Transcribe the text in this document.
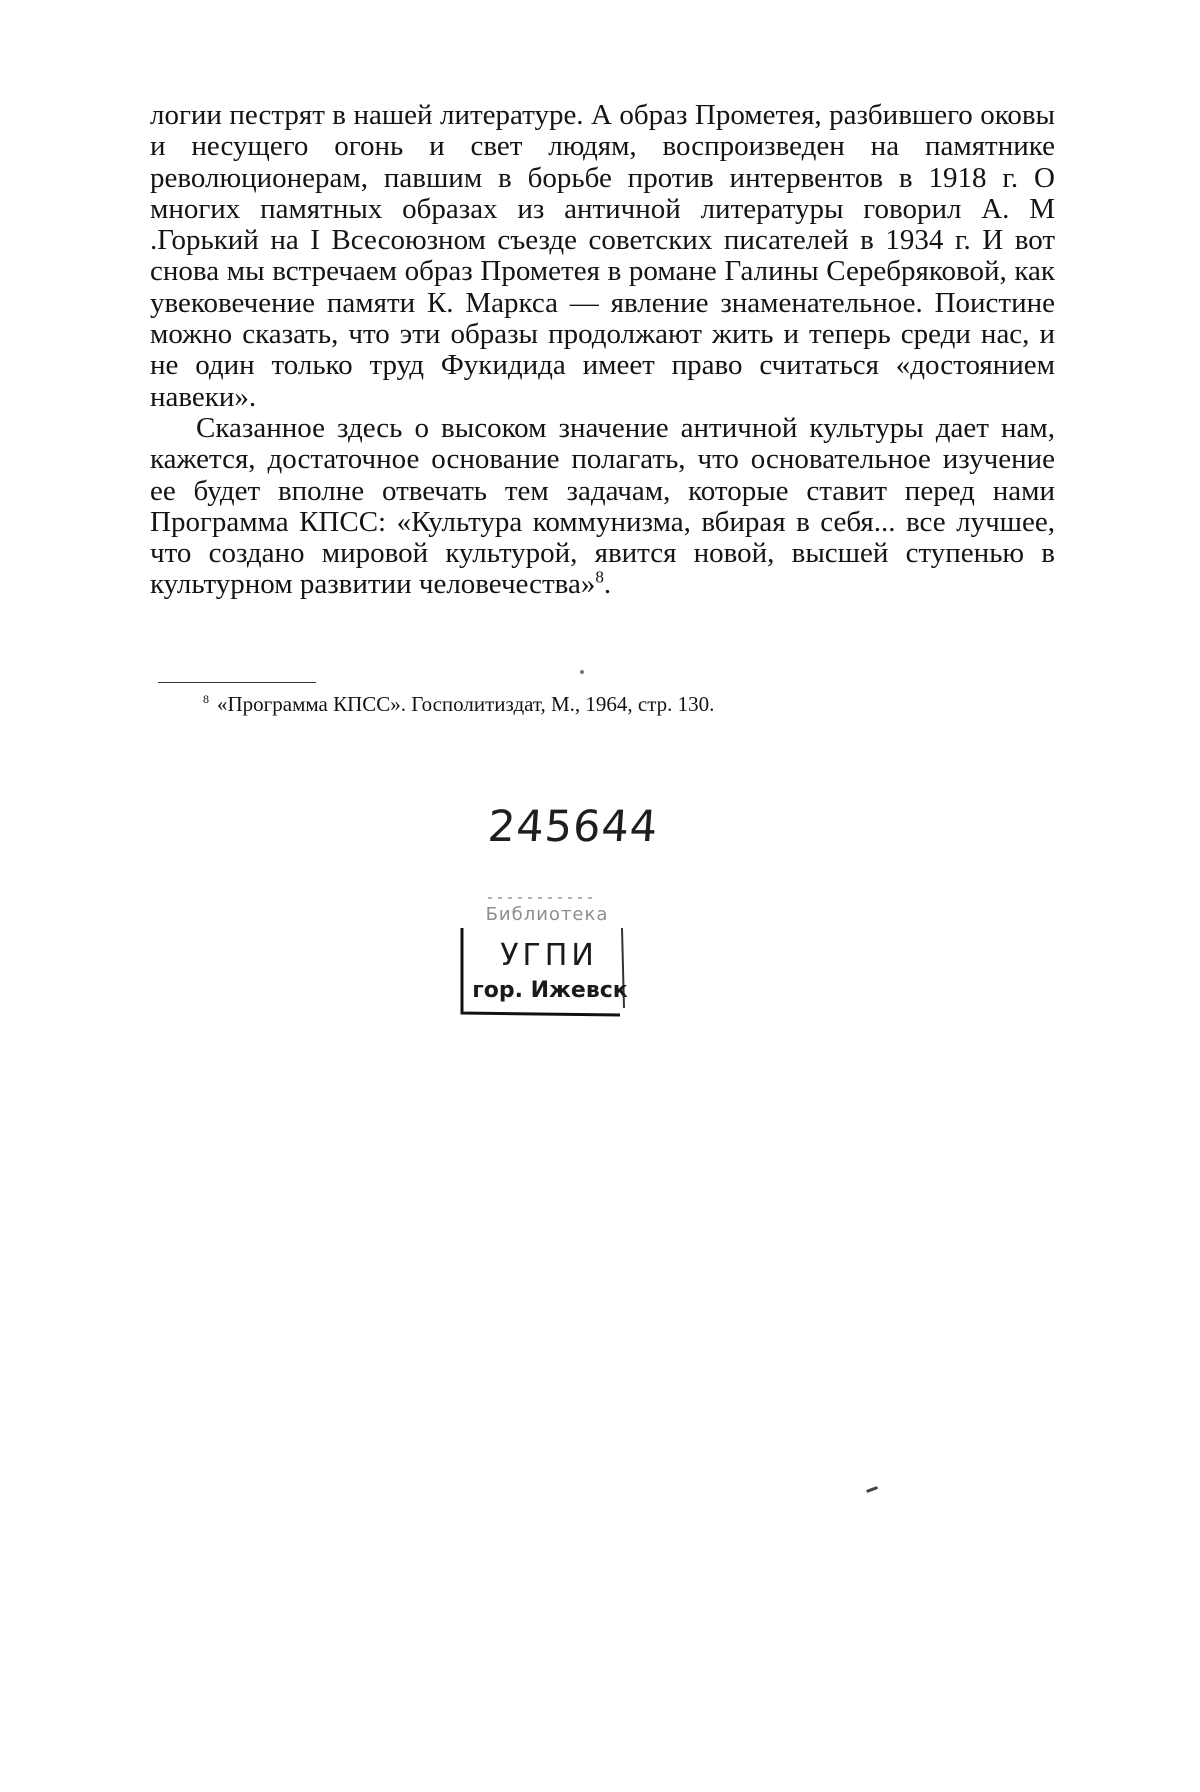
логии пестрят в нашей литературе. А образ Прометея, разбившего оковы и несущего огонь и свет людям, воспроизведен на памятнике революционерам, павшим в борьбе против интервентов в 1918 г. О многих памятных образах из античной литературы говорил А. М .Горький на I Всесоюзном съезде советских писателей в 1934 г. И вот снова мы встречаем образ Прометея в романе Галины Серебряковой, как увековечение памяти К. Маркса — явление знаменательное. Поистине можно сказать, что эти образы продолжают жить и теперь среди нас, и не один только труд Фукидида имеет право считаться «достоянием навеки».

Сказанное здесь о высоком значение античной культуры дает нам, кажется, достаточное основание полагать, что основательное изучение ее будет вполне отвечать тем задачам, которые ставит перед нами Программа КПСС: «Культура коммунизма, вбирая в себя... все лучшее, что создано мировой культурой, явится новой, высшей ступенью в культурном развитии человечества»$^8$.

$^8$ «Программа КПСС». Госполитиздат, М., 1964, стр. 130.
245644
Библиотека
УГПИ
гор. Ижевск
